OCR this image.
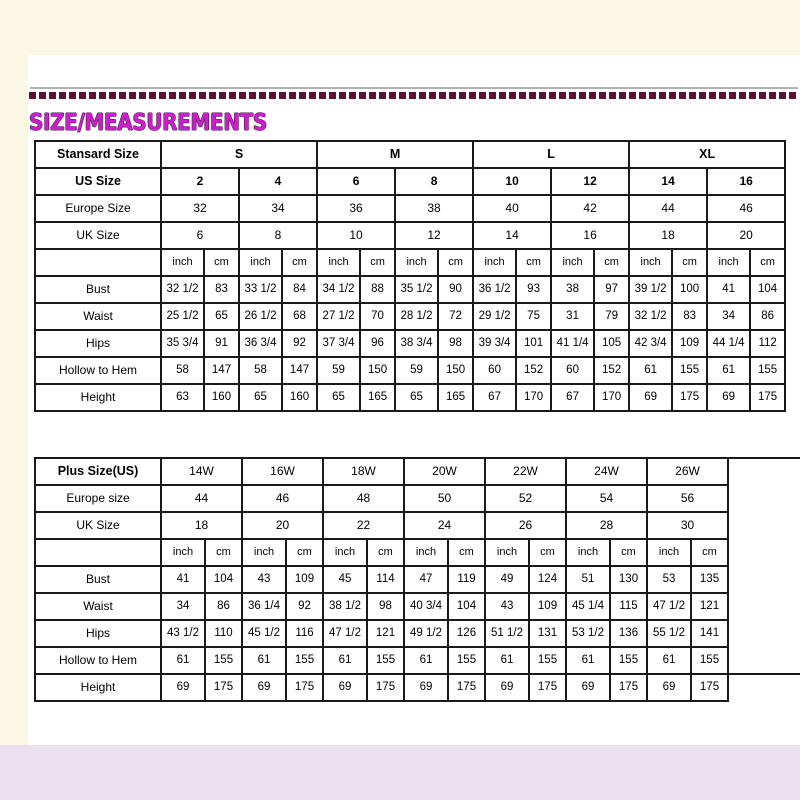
SIZE/MEASUREMENTS
Stansard Size	S				M				L				XL			
US Size	2		4		6		8		10		12		14		16	
Europe Size	32		34		36		38		40		42		44		46	
UK Size	6		8		10		12		14		16		18		20	
	inch	cm	inch	cm	inch	cm	inch	cm	inch	cm	inch	cm	inch	cm	inch	cm
Bust	32 1/2	83	33 1/2	84	34 1/2	88	35 1/2	90	36 1/2	93	38	97	39 1/2	100	41	104
Waist	25 1/2	65	26 1/2	68	27 1/2	70	28 1/2	72	29 1/2	75	31	79	32 1/2	83	34	86
Hips	35 3/4	91	36 3/4	92	37 3/4	96	38 3/4	98	39 3/4	101	41 1/4	105	42 3/4	109	44 1/4	112
Hollow to Hem	58	147	58	147	59	150	59	150	60	152	60	152	61	155	61	155
Height	63	160	65	160	65	165	65	165	67	170	67	170	69	175	69	175
Plus Size(US)	14W		16W		18W		20W		22W		24W		26W		
Europe size	44		46		48		50		52		54		56		
UK Size	18		20		22		24		26		28		30		
	inch	cm	inch	cm	inch	cm	inch	cm	inch	cm	inch	cm	inch	cm	
Bust	41	104	43	109	45	114	47	119	49	124	51	130	53	135	
Waist	34	86	36 1/4	92	38 1/2	98	40 3/4	104	43	109	45 1/4	115	47 1/2	121	
Hips	43 1/2	110	45 1/2	116	47 1/2	121	49 1/2	126	51 1/2	131	53 1/2	136	55 1/2	141	
Hollow to Hem	61	155	61	155	61	155	61	155	61	155	61	155	61	155	
Height	69	175	69	175	69	175	69	175	69	175	69	175	69	175	
